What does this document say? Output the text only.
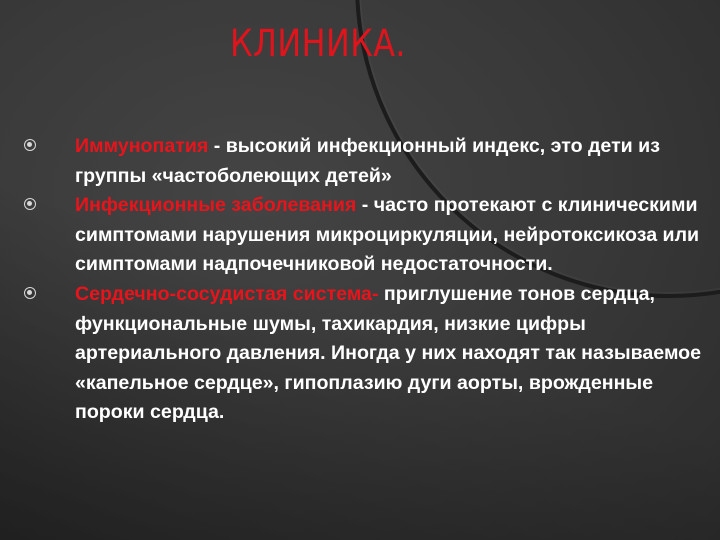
КЛИНИКА.
Иммунопатия - высокий инфекционный индекс, это дети из группы «частоболеющих детей»
Инфекционные заболевания - часто протекают с клиническими симптомами нарушения микроциркуляции, нейротоксикоза или симптомами надпочечниковой недостаточности.
Сердечно-сосудистая система- приглушение тонов сердца, функциональные шумы, тахикардия, низкие цифры артериального давления. Иногда у них находят так называемое «капельное сердце», гипоплазию дуги аорты, врожденные пороки сердца.
